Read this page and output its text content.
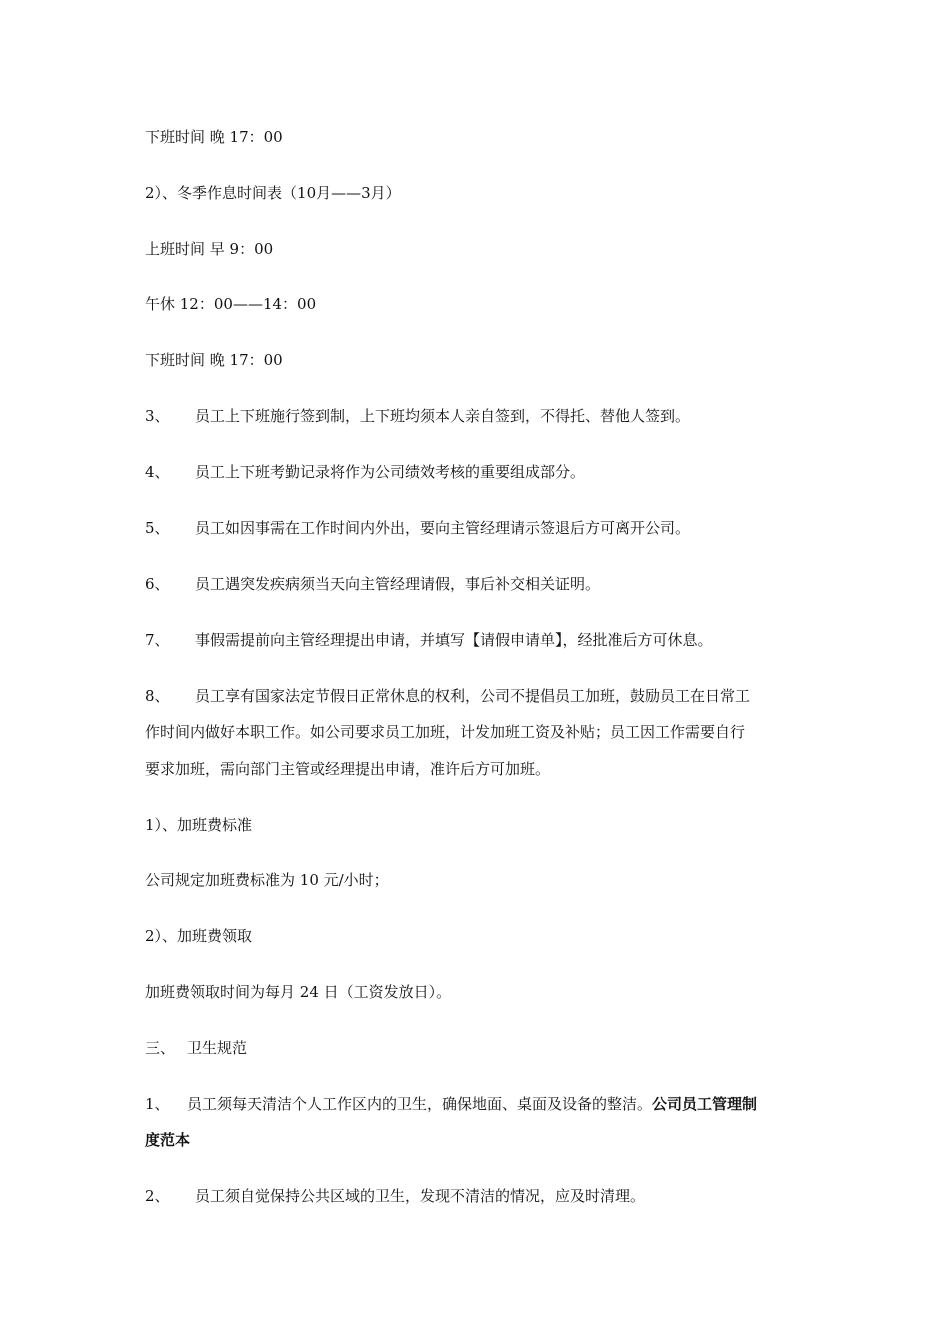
下班时间 晚 17：00
2）、冬季作息时间表（10月——3月）
上班时间 早 9：00
午休 12：00——14：00
下班时间 晚 17：00
3、 员工上下班施行签到制，上下班均须本人亲自签到，不得托、替他人签到。
4、 员工上下班考勤记录将作为公司绩效考核的重要组成部分。
5、 员工如因事需在工作时间内外出，要向主管经理请示签退后方可离开公司。
6、 员工遇突发疾病须当天向主管经理请假，事后补交相关证明。
7、 事假需提前向主管经理提出申请，并填写【请假申请单】，经批准后方可休息。
8、 员工享有国家法定节假日正常休息的权利，公司不提倡员工加班，鼓励员工在日常工
作时间内做好本职工作。如公司要求员工加班，计发加班工资及补贴；员工因工作需要自行
要求加班，需向部门主管或经理提出申请，准许后方可加班。
1）、加班费标准
公司规定加班费标准为 10 元/小时；
2）、加班费领取
加班费领取时间为每月 24 日（工资发放日）。
三、 卫生规范
1、 员工须每天清洁个人工作区内的卫生，确保地面、桌面及设备的整洁。公司员工管理制
度范本
2、 员工须自觉保持公共区域的卫生，发现不清洁的情况，应及时清理。
